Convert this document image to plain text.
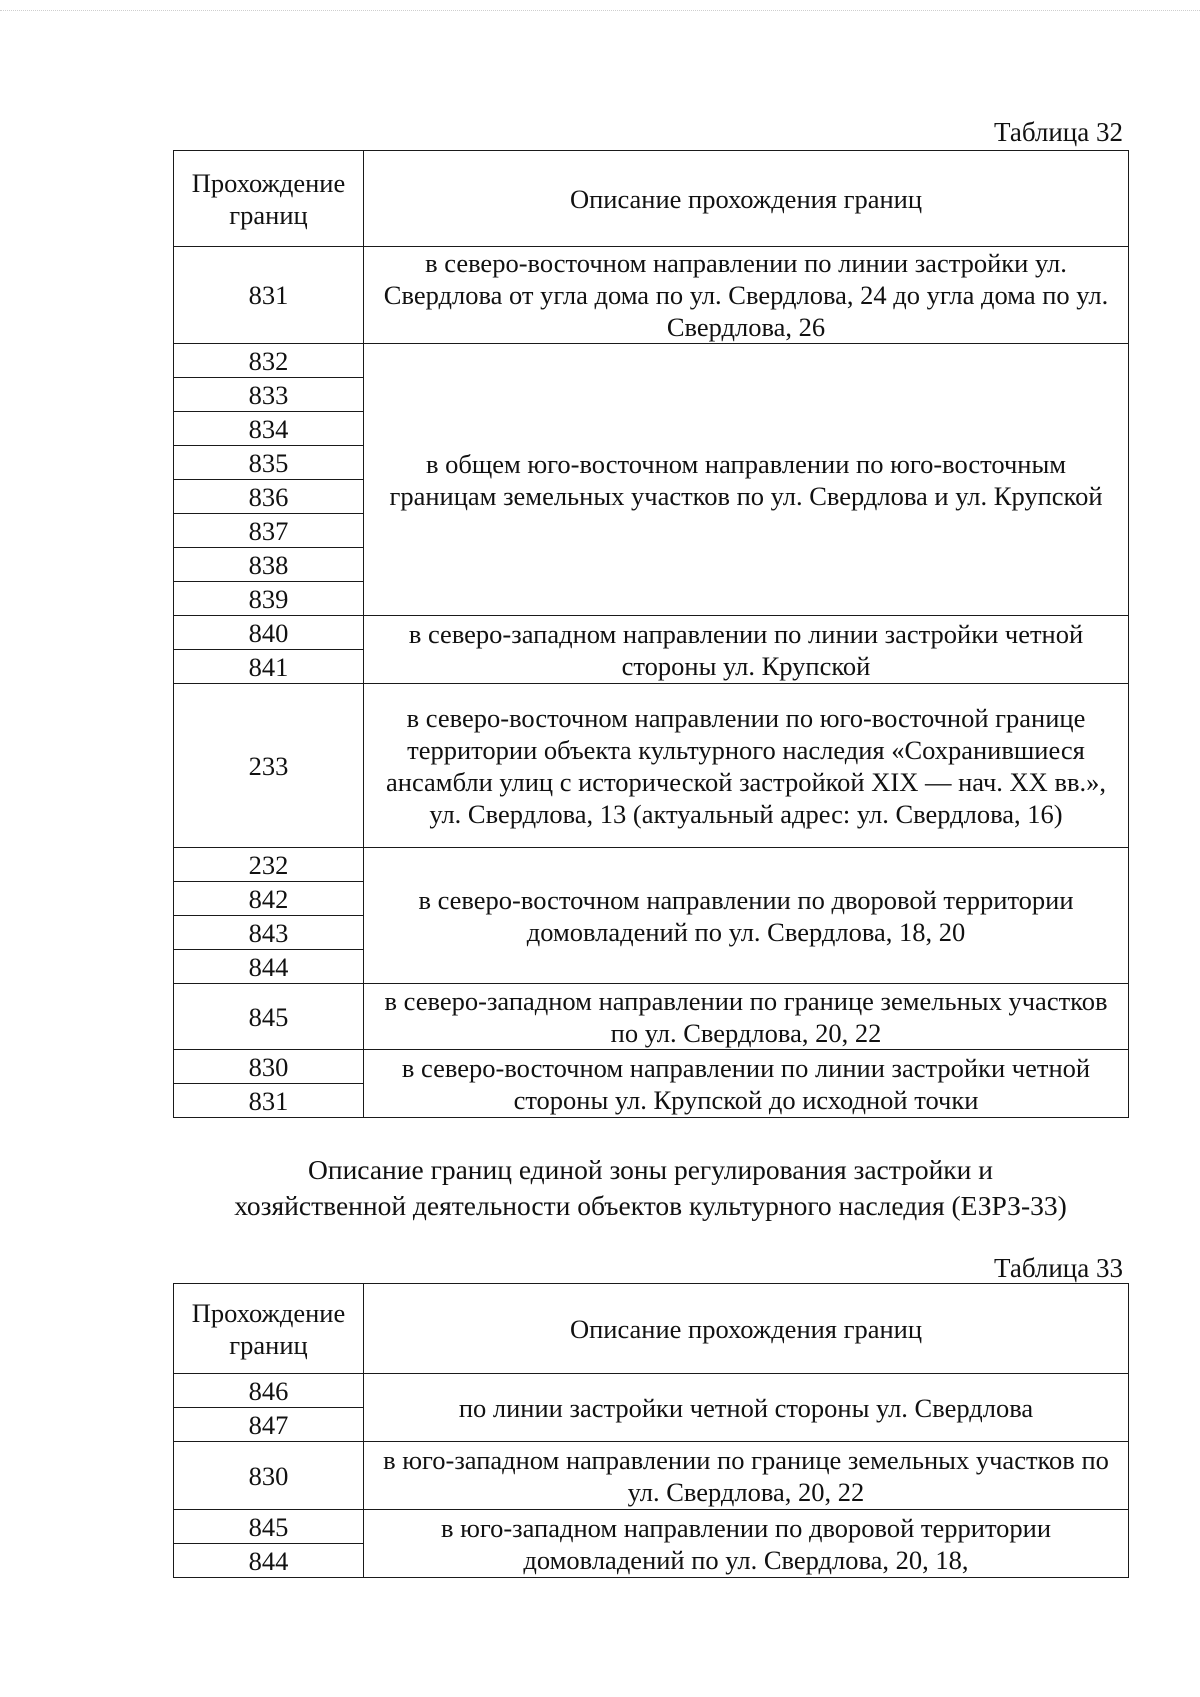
Таблица 32
Прохождение
границ	Описание прохождения границ
831	в северо-восточном направлении по линии застройки ул. Свердлова от угла дома по ул. Свердлова, 24 до угла дома по ул. Свердлова, 26
832	в общем юго-восточном направлении по юго-восточным границам земельных участков по ул. Свердлова и ул. Крупской
833	
834	
835	
836	
837	
838	
839	
840	в северо-западном направлении по линии застройки четной стороны ул. Крупской
841	
233	в северо-восточном направлении по юго-восточной границе территории объекта культурного наследия «Сохранившиеся ансамбли улиц с исторической застройкой XIX — нач. XX вв.», ул. Свердлова, 13 (актуальный адрес: ул. Свердлова, 16)
232	в северо-восточном направлении по дворовой территории домовладений по ул. Свердлова, 18, 20
842	
843	
844	
845	в северо-западном направлении по границе земельных участков по ул. Свердлова, 20, 22
830	в северо-восточном направлении по линии застройки четной стороны ул. Крупской до исходной точки
831	
Описание границ единой зоны регулирования застройки и
хозяйственной деятельности объектов культурного наследия (ЕЗРЗ-33)
Таблица 33
Прохождение
границ	Описание прохождения границ
846	по линии застройки четной стороны ул. Свердлова
847	
830	в юго-западном направлении по границе земельных участков по ул. Свердлова, 20, 22
845	в юго-западном направлении по дворовой территории домовладений по ул. Свердлова, 20, 18,
844	
